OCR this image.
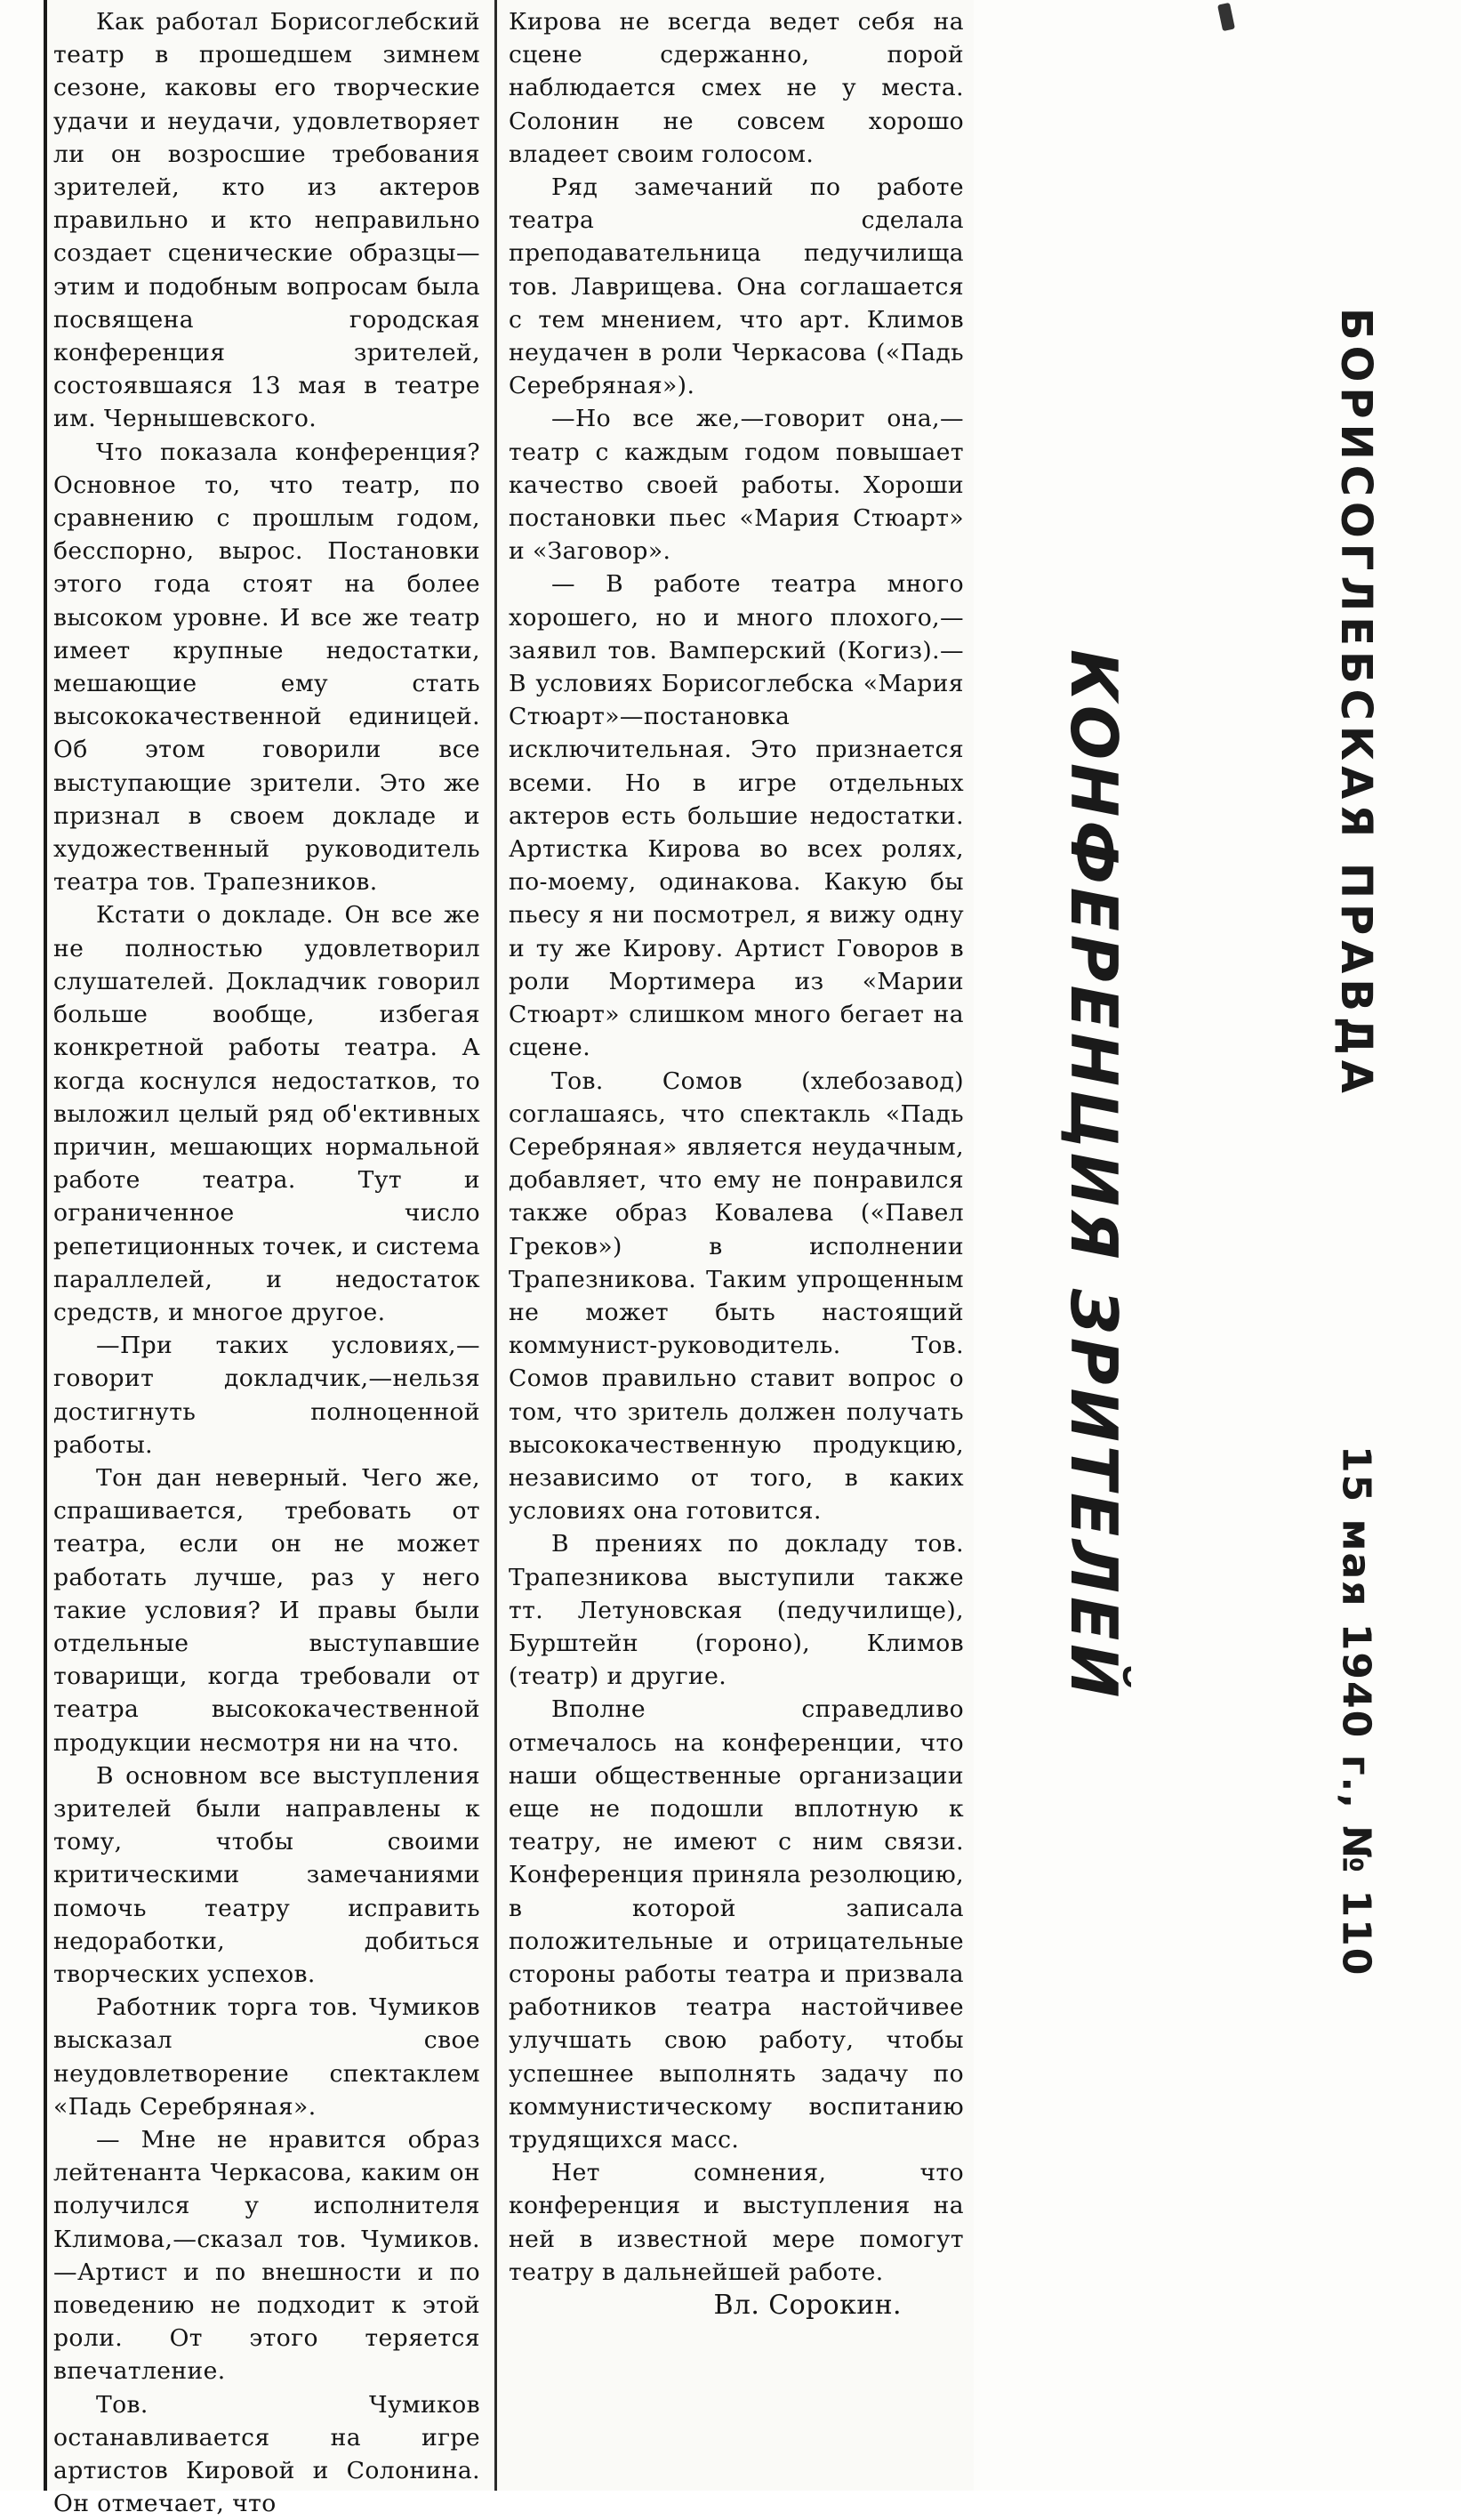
Как работал Борисоглебский театр в прошедшем зимнем сезоне, каковы его творческие удачи и неудачи, удовлетворяет ли он возросшие требования зрителей, кто из актеров правильно и кто неправильно создает сценические образцы—этим и подобным вопросам была посвящена городская конференция зрителей, состоявшаяся 13 мая в театре им. Чернышевского.

Что показала конференция? Основное то, что театр, по сравнению с прошлым годом, бесспорно, вырос. Постановки этого года стоят на более высоком уровне. И все же театр имеет крупные недостатки, мешающие ему стать высококачественной единицей. Об этом говорили все выступающие зрители. Это же признал в своем докладе и художественный руководитель театра тов. Трапезников.

Кстати о докладе. Он все же не полностью удовлетворил слушателей. Докладчик говорил больше вообще, избегая конкретной работы театра. А когда коснулся недостатков, то выложил целый ряд об'ективных причин, мешающих нормальной работе театра. Тут и ограниченное число репетиционных точек, и система параллелей, и недостаток средств, и многое другое.

—При таких условиях,—говорит докладчик,—нельзя достигнуть полноценной работы.

Тон дан неверный. Чего же, спрашивается, требовать от театра, если он не может работать лучше, раз у него такие условия? И правы были отдельные выступавшие товарищи, когда требовали от театра высококачественной продукции несмотря ни на что.

В основном все выступления зрителей были направлены к тому, чтобы своими критическими замечаниями помочь театру исправить недоработки, добиться творческих успехов.

Работник торга тов. Чумиков высказал свое неудовлетворение спектаклем «Падь Серебряная».

— Мне не нравится образ лейтенанта Черкасова, каким он получился у исполнителя Климова,—сказал тов. Чумиков.—Артист и по внешности и по поведению не подходит к этой роли. От этого теряется впечатление.

Тов. Чумиков останавливается на игре артистов Кировой и Солонина. Он отмечает, что

Кирова не всегда ведет себя на сцене сдержанно, порой наблюдается смех не у места. Солонин не совсем хорошо владеет своим голосом.

Ряд замечаний по работе театра сделала преподавательница педучилища тов. Лаврищева. Она соглашается с тем мнением, что арт. Климов неудачен в роли Черкасова («Падь Серебряная»).

—Но все же,—говорит она,—театр с каждым годом повышает качество своей работы. Хороши постановки пьес «Мария Стюарт» и «Заговор».

— В работе театра много хорошего, но и много плохого,—заявил тов. Вамперский (Когиз).—В условиях Борисоглебска «Мария Стюарт»—постановка исключительная. Это признается всеми. Но в игре отдельных актеров есть большие недостатки. Артистка Кирова во всех ролях, по-моему, одинакова. Какую бы пьесу я ни посмотрел, я вижу одну и ту же Кирову. Артист Говоров в роли Мортимера из «Марии Стюарт» слишком много бегает на сцене.

Тов. Сомов (хлебозавод) соглашаясь, что спектакль «Падь Серебряная» является неудачным, добавляет, что ему не понравился также образ Ковалева («Павел Греков») в исполнении Трапезникова. Таким упрощенным не может быть настоящий коммунист-руководитель. Тов. Сомов правильно ставит вопрос о том, что зритель должен получать высококачественную продукцию, независимо от того, в каких условиях она готовится.

В прениях по докладу тов. Трапезникова выступили также тт. Летуновская (педучилище), Бурштейн (гороно), Климов (театр) и другие.

Вполне справедливо отмечалось на конференции, что наши общественные организации еще не подошли вплотную к театру, не имеют с ним связи. Конференция приняла резолюцию, в которой записала положительные и отрицательные стороны работы театра и призвала работников театра настойчивее улучшать свою работу, чтобы успешнее выполнять задачу по коммунистическому воспитанию трудящихся масс.

Нет сомнения, что конференция и выступления на ней в известной мере помогут театру в дальнейшей работе.

Вл. Сорокин.

КОНФЕРЕНЦИЯ ЗРИТЕЛЕЙ	БОРИСОГЛЕБСКАЯ ПРАВДА
15 мая 1940 г., № 110
